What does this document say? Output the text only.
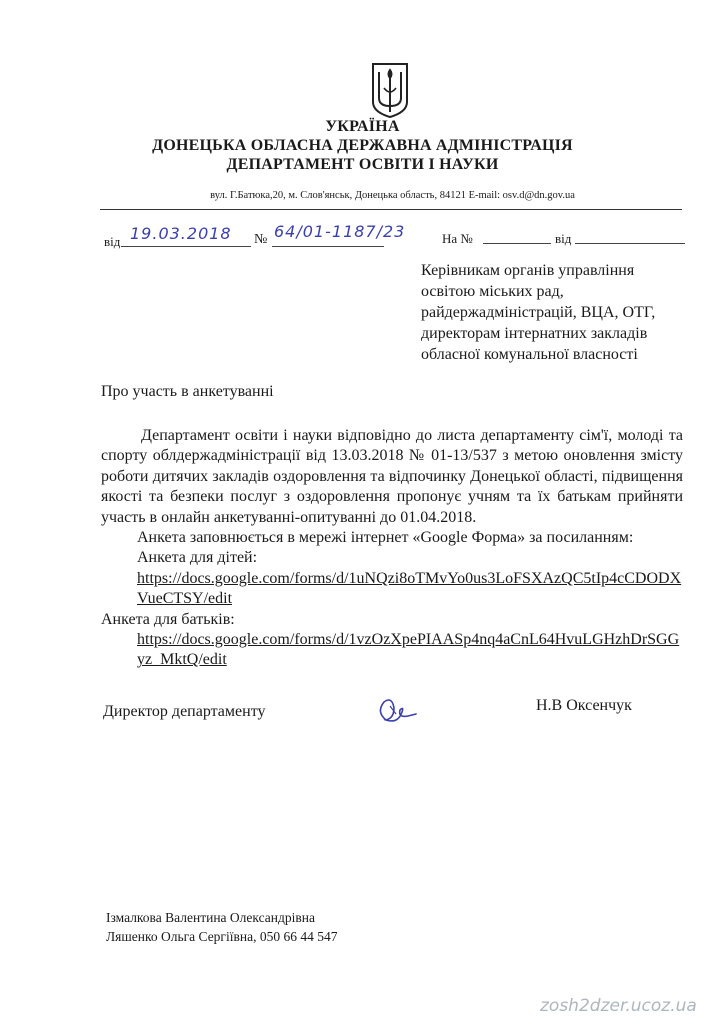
УКРАЇНА
ДОНЕЦЬКА ОБЛАСНА ДЕРЖАВНА АДМІНІСТРАЦІЯ
ДЕПАРТАМЕНТ ОСВІТИ І НАУКИ
вул. Г.Батюка,20, м. Слов'янськ, Донецька область, 84121 E-mail: osv.d@dn.gov.ua
від 19.03.2018 № 64/01-1187/23	На №	від
Керівникам органів управління
освітою міських рад,
райдержадміністрацій, ВЦА, ОТГ,
директорам інтернатних закладів
обласної комунальної власності
Про участь в анкетуванні

Департамент освіти і науки відповідно до листа департаменту сім'ї, молоді та спорту облдержадміністрації від 13.03.2018 № 01-13/537 з метою оновлення змісту роботи дитячих закладів оздоровлення та відпочинку Донецької області, підвищення якості та безпеки послуг з оздоровлення пропонує учням та їх батькам прийняти участь в онлайн анкетуванні-опитуванні до 01.04.2018.

Анкета заповнюється в мережі інтернет «Google Форма» за посиланням:

Анкета для дітей:

https://docs.google.com/forms/d/1uNQzi8oTMvYo0us3LoFSXAzQC5tIp4cCDODXVueCTSY/edit

Анкета для батьків:

https://docs.google.com/forms/d/1vzOzXpePIAASp4nq4aCnL64HvuLGHzhDrSGGyz_MktQ/edit

Директор департаменту	Н.В Оксенчук
Ізмалкова Валентина Олександрівна
Ляшенко Ольга Сергіївна, 050 66 44 547
zosh2dzer.ucoz.ua
